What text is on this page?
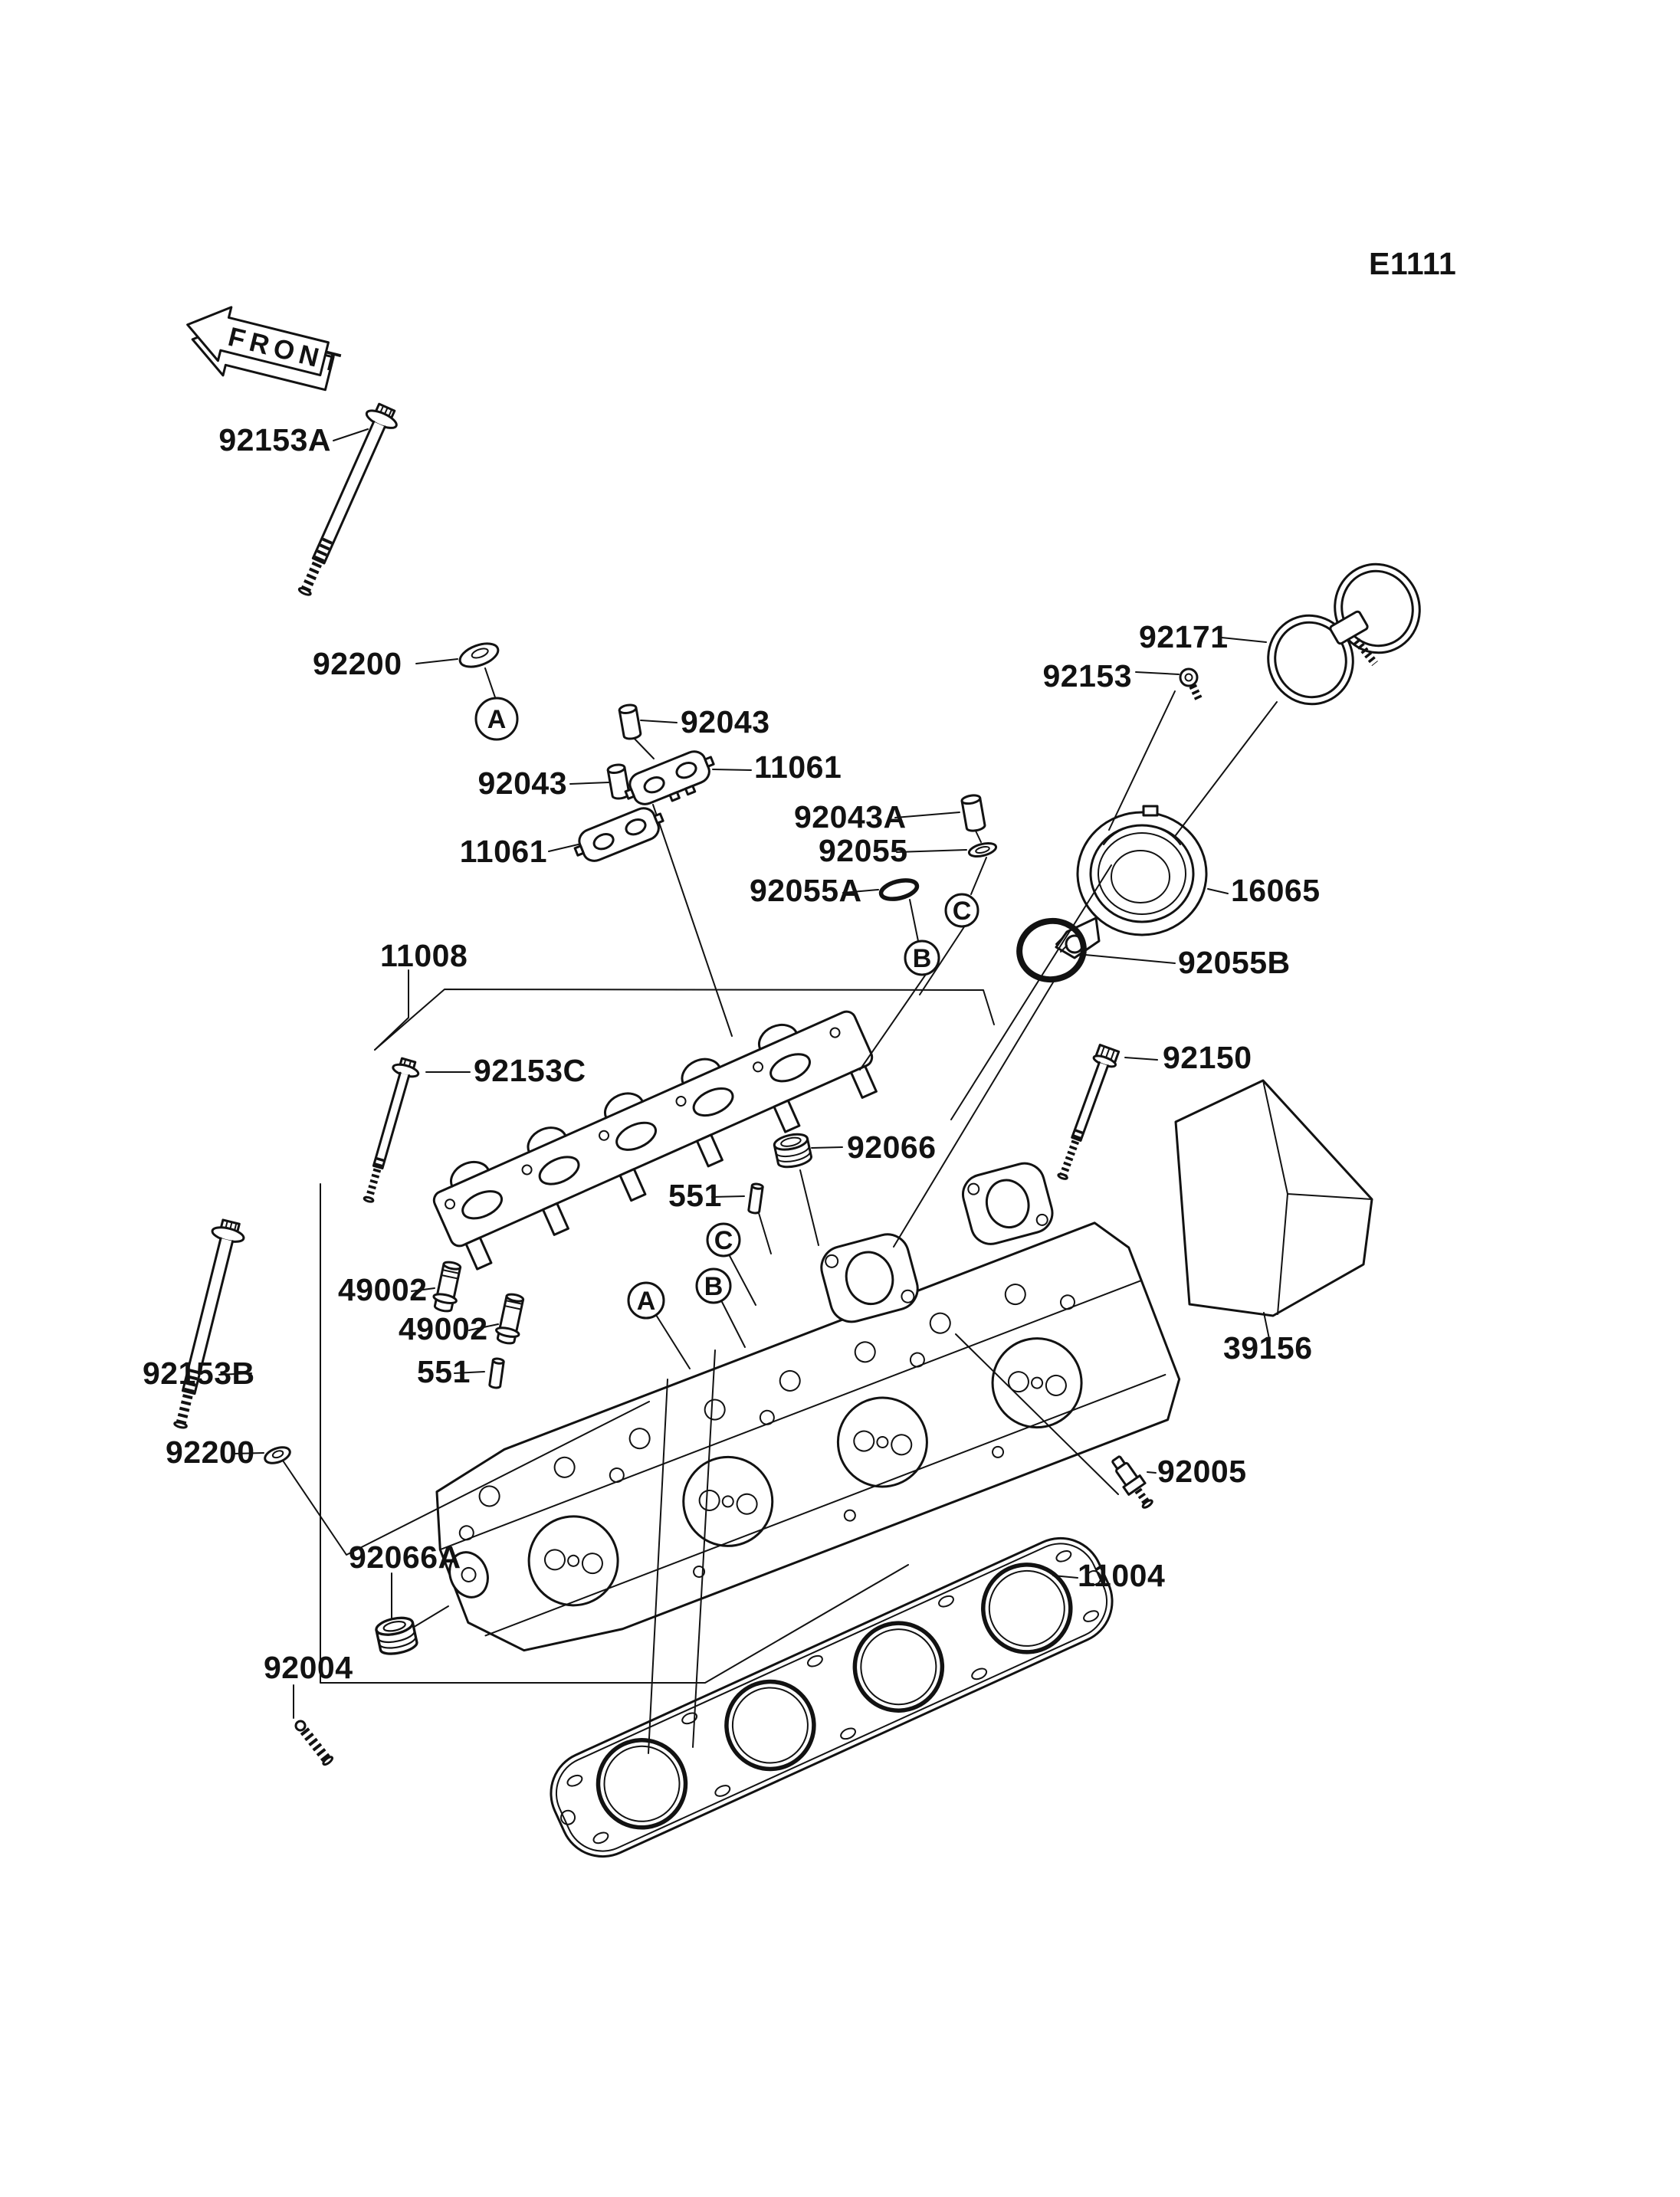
FRONT
A
C
B
C
B
A
E1111
92153A
92200
92043
11061
92043
11061
92043A
92055
92055A
92171
92153
16065
92055B
92150
39156
11008
92153C
92066
551
49002
49002
551
92153B
92200
92066A
92004
92005
11004
